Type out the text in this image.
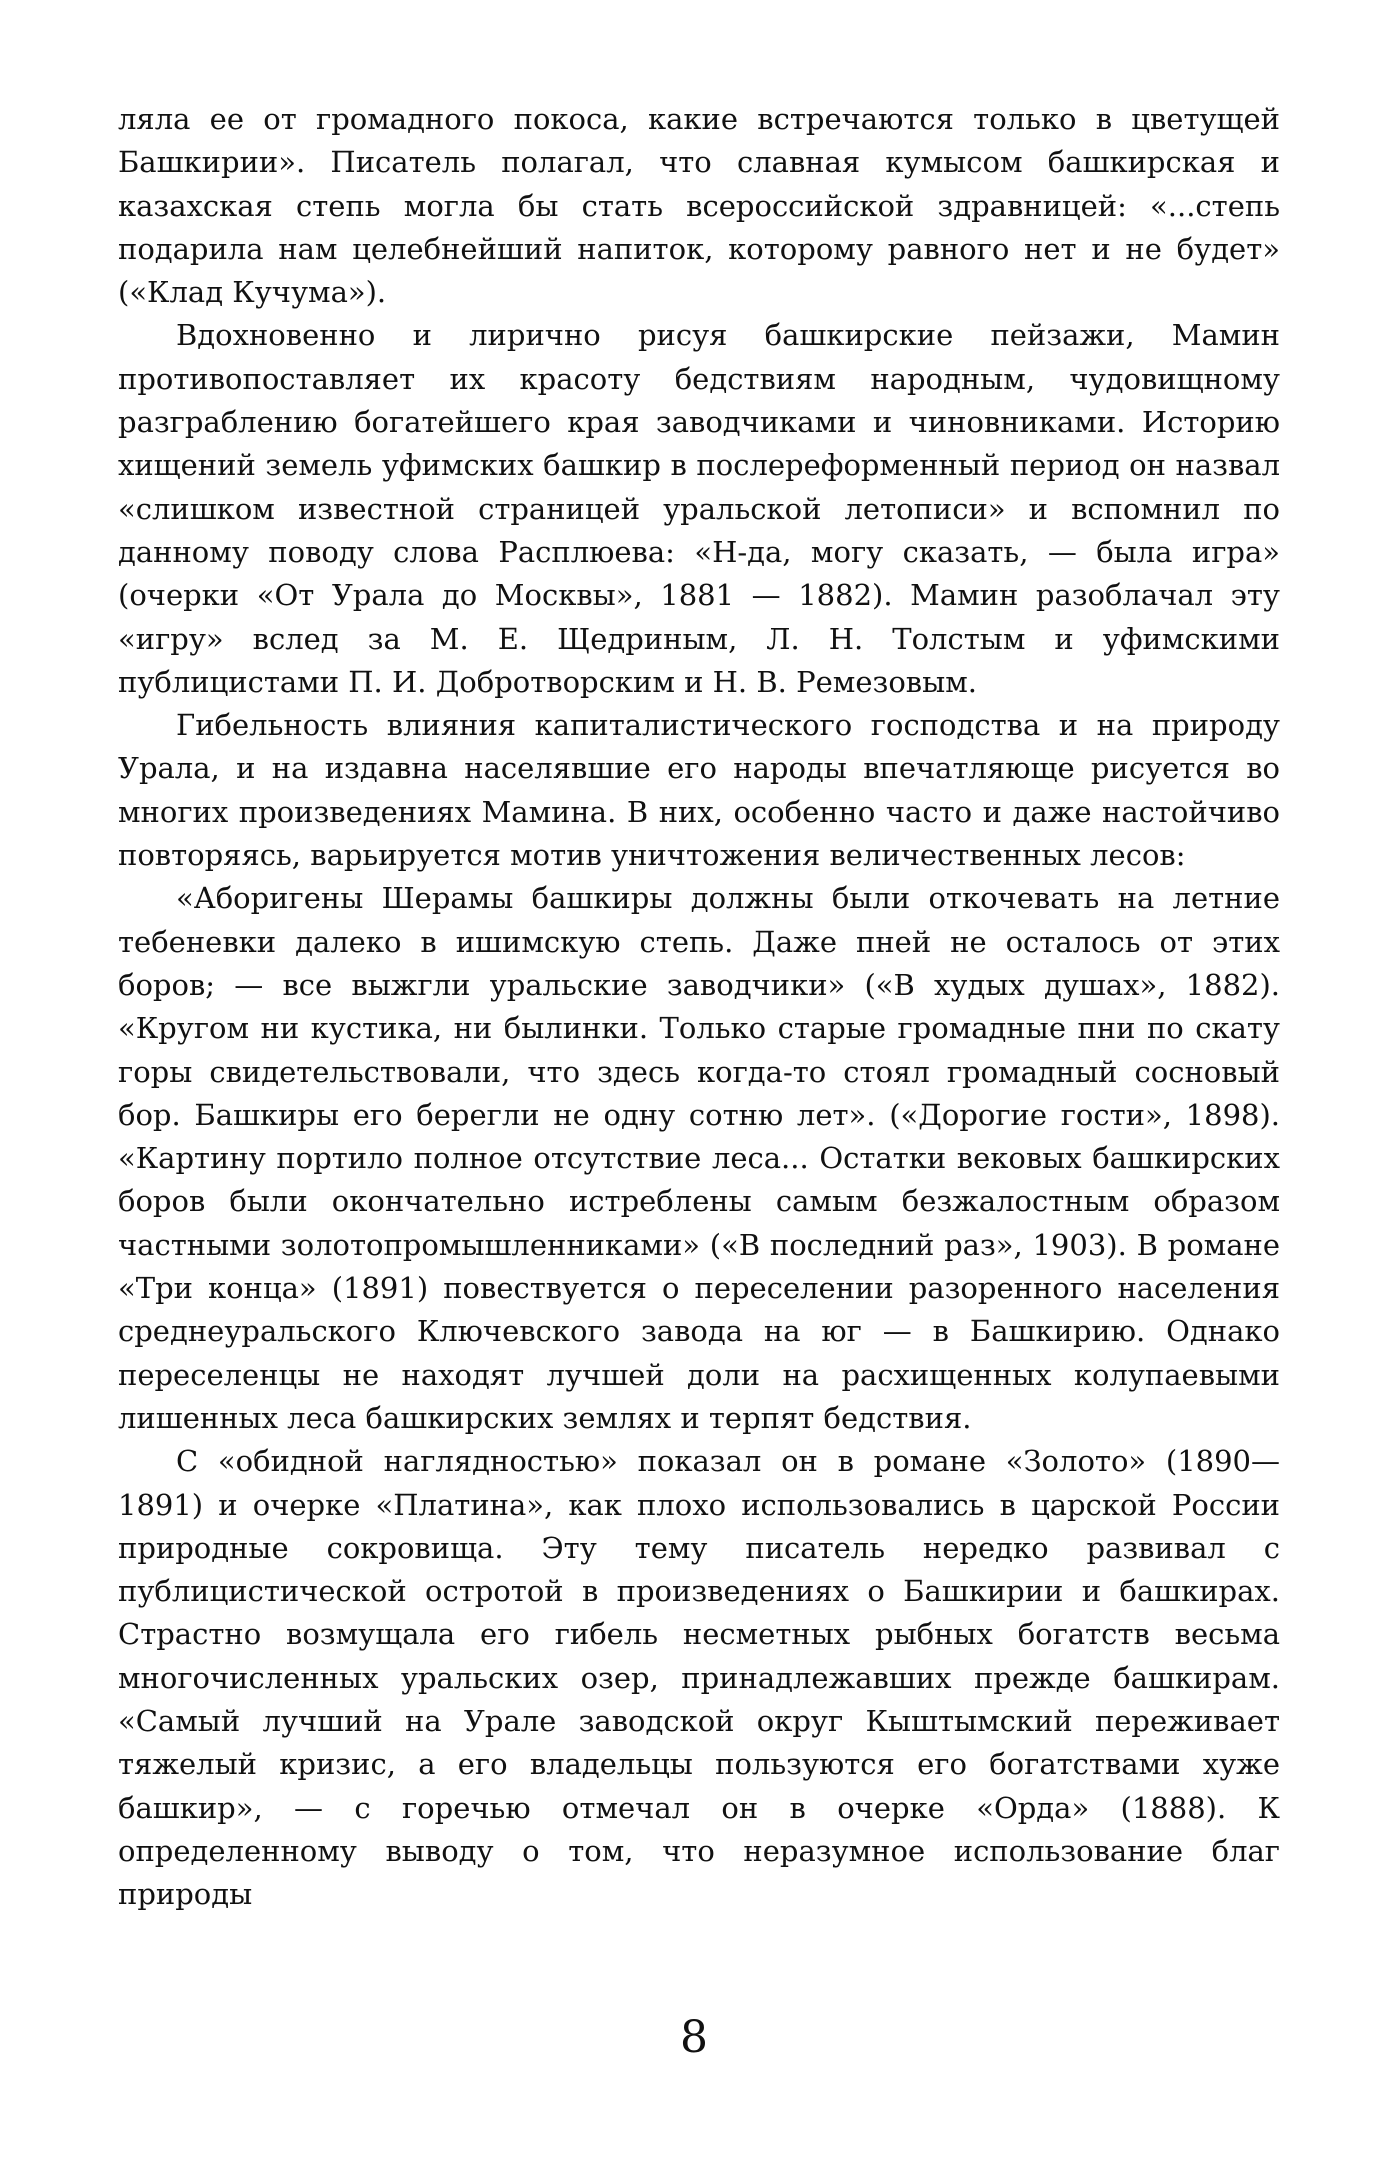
ляла ее от громадного покоса, какие встречаются только в цветущей Башкирии». Писатель полагал, что славная кумысом башкирская и казахская степь могла бы стать всероссийской здравницей: «...степь подарила нам целебнейший напиток, которому равного нет и не будет» («Клад Кучума»).

Вдохновенно и лирично рисуя башкирские пейзажи, Мамин противопоставляет их красоту бедствиям народным, чудовищному разграблению богатейшего края заводчиками и чиновниками. Историю хищений земель уфимских башкир в послереформенный период он назвал «слишком известной страницей уральской летописи» и вспомнил по данному поводу слова Расплюева: «Н-да, могу сказать, — была игра» (очерки «От Урала до Москвы», 1881 — 1882). Мамин разоблачал эту «игру» вслед за М. Е. Щедриным, Л. Н. Толстым и уфимскими публицистами П. И. Добротворским и Н. В. Ремезовым.

Гибельность влияния капиталистического господства и на природу Урала, и на издавна населявшие его народы впечатляюще рисуется во многих произведениях Мамина. В них, особенно часто и даже настойчиво повторяясь, варьируется мотив уничтожения величественных лесов:

«Аборигены Шерамы башкиры должны были откочевать на летние тебеневки далеко в ишимскую степь. Даже пней не осталось от этих боров; — все выжгли уральские заводчики» («В худых душах», 1882). «Кругом ни кустика, ни былинки. Только старые громадные пни по скату горы свидетельствовали, что здесь когда-то стоял громадный сосновый бор. Башкиры его берегли не одну сотню лет». («Дорогие гости», 1898). «Картину портило полное отсутствие леса... Остатки вековых башкирских боров были окончательно истреблены самым безжалостным образом частными золотопромышленниками» («В последний раз», 1903). В романе «Три конца» (1891) повествуется о переселении разоренного населения среднеуральского Ключевского завода на юг — в Башкирию. Однако переселенцы не находят лучшей доли на расхищенных колупаевыми лишенных леса башкирских землях и терпят бедствия.

С «обидной наглядностью» показал он в романе «Золото» (1890—1891) и очерке «Платина», как плохо использовались в царской России природные сокровища. Эту тему писатель нередко развивал с публицистической остротой в произведениях о Башкирии и башкирах. Страстно возмущала его гибель несметных рыбных богатств весьма многочисленных уральских озер, принадлежавших прежде башкирам. «Самый лучший на Урале заводской округ Кыштымский переживает тяжелый кризис, а его владельцы пользуются его богатствами хуже башкир», — с горечью отмечал он в очерке «Орда» (1888). К определенному выводу о том, что неразумное использование благ природы

8
